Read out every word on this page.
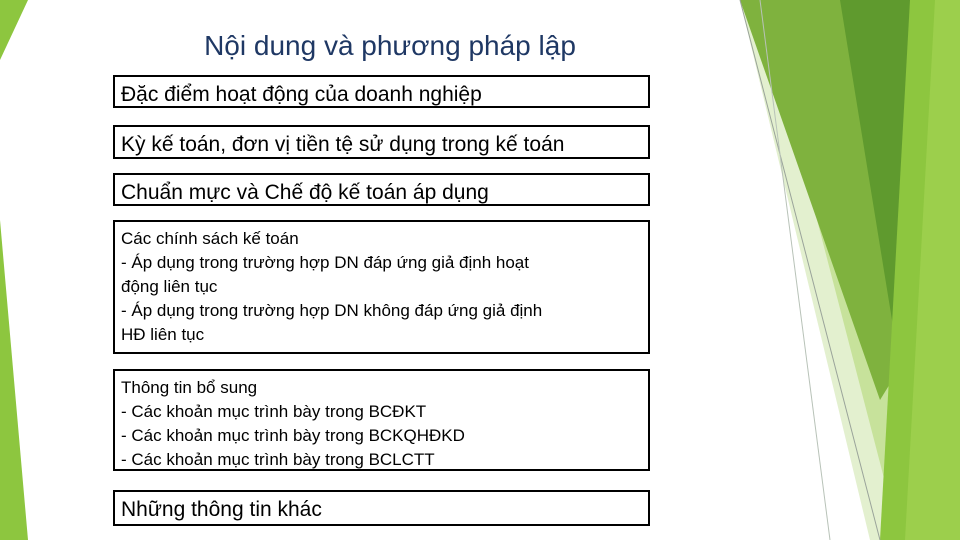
Nội dung và phương pháp lập
Đặc điểm hoạt động của doanh nghiệp
Kỳ kế toán, đơn vị tiền tệ sử dụng trong kế toán
Chuẩn mực và Chế độ kế toán áp dụng
Các chính sách kế toán
- Áp dụng trong trường hợp DN đáp ứng giả định hoạt
động liên tục
- Áp dụng trong trường hợp DN không đáp ứng giả định
HĐ liên tục
Thông tin bổ sung
- Các khoản mục trình bày trong BCĐKT
- Các khoản mục trình bày trong BCKQHĐKD
- Các khoản mục trình bày trong BCLCTT
Những thông tin khác
